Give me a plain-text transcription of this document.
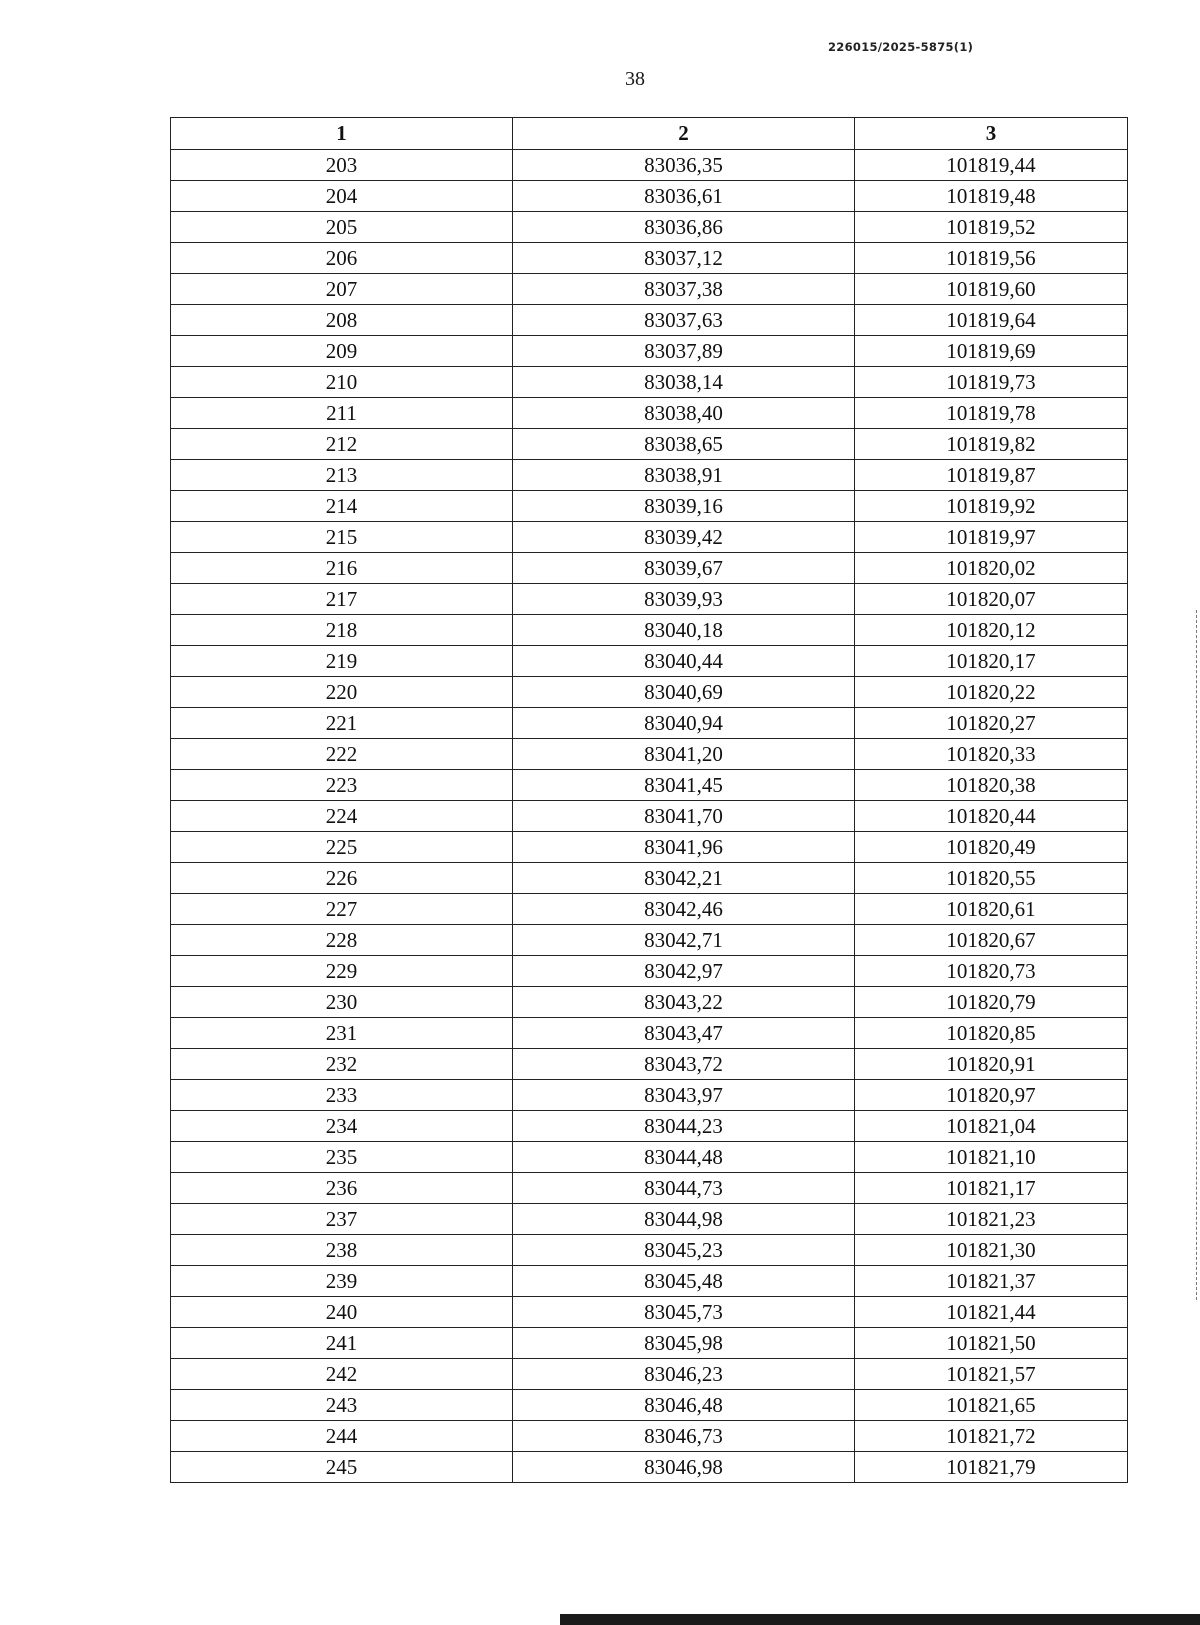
226015/2025-5875(1)
38
1	2	3
203	83036,35	101819,44
204	83036,61	101819,48
205	83036,86	101819,52
206	83037,12	101819,56
207	83037,38	101819,60
208	83037,63	101819,64
209	83037,89	101819,69
210	83038,14	101819,73
211	83038,40	101819,78
212	83038,65	101819,82
213	83038,91	101819,87
214	83039,16	101819,92
215	83039,42	101819,97
216	83039,67	101820,02
217	83039,93	101820,07
218	83040,18	101820,12
219	83040,44	101820,17
220	83040,69	101820,22
221	83040,94	101820,27
222	83041,20	101820,33
223	83041,45	101820,38
224	83041,70	101820,44
225	83041,96	101820,49
226	83042,21	101820,55
227	83042,46	101820,61
228	83042,71	101820,67
229	83042,97	101820,73
230	83043,22	101820,79
231	83043,47	101820,85
232	83043,72	101820,91
233	83043,97	101820,97
234	83044,23	101821,04
235	83044,48	101821,10
236	83044,73	101821,17
237	83044,98	101821,23
238	83045,23	101821,30
239	83045,48	101821,37
240	83045,73	101821,44
241	83045,98	101821,50
242	83046,23	101821,57
243	83046,48	101821,65
244	83046,73	101821,72
245	83046,98	101821,79
